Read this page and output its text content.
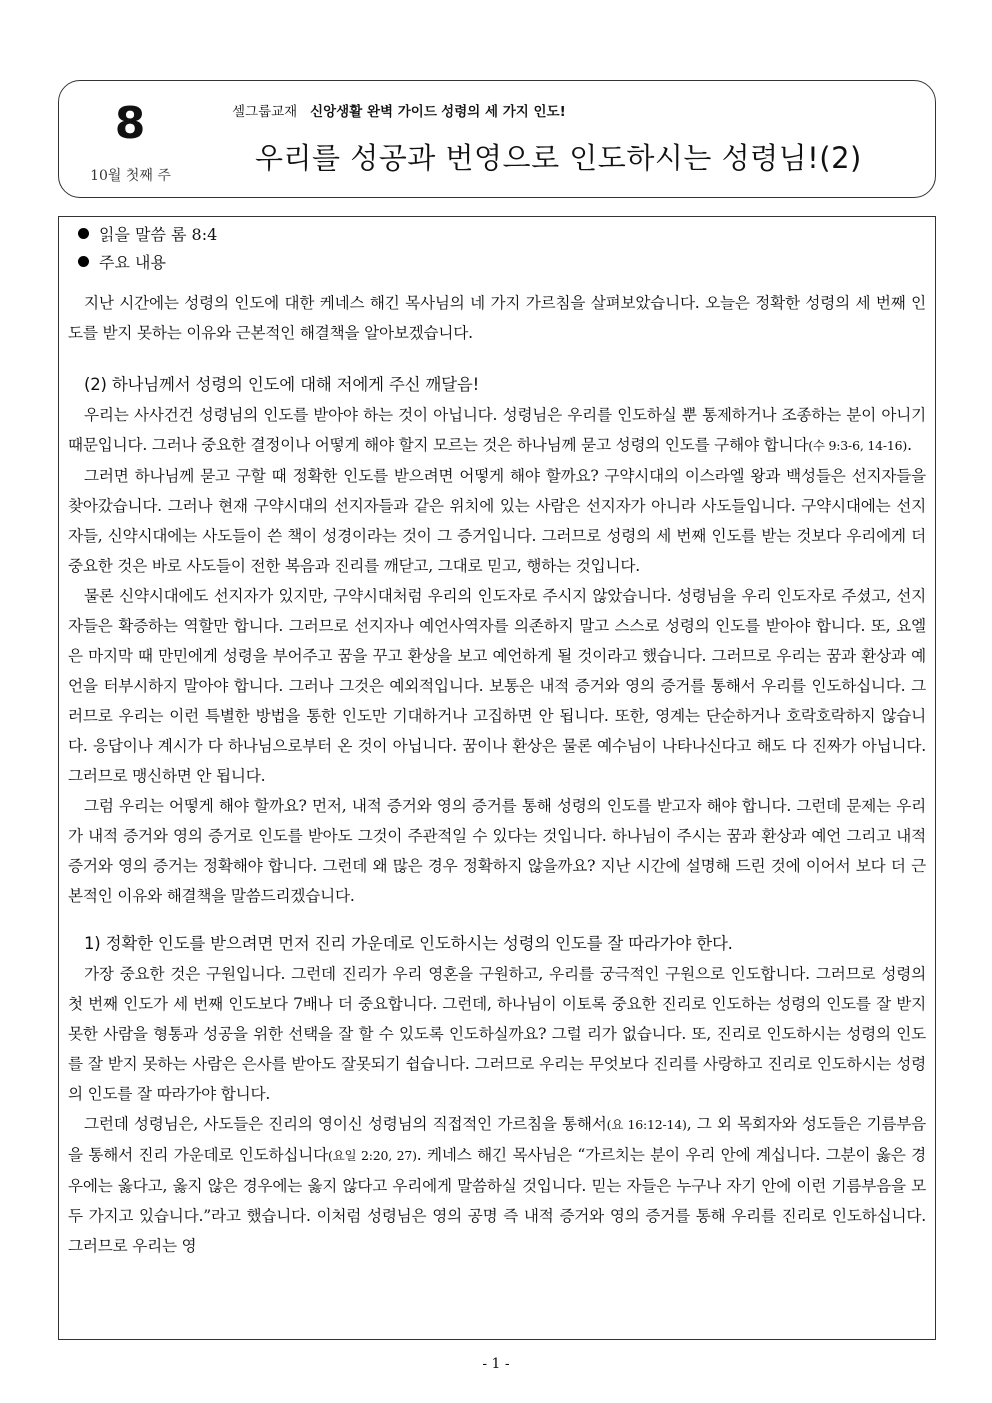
8
10월 첫째 주
셀그룹교재 신앙생활 완벽 가이드 성령의 세 가지 인도!
우리를 성공과 번영으로 인도하시는 성령님!(2)
읽을 말씀 롬 8:4
주요 내용

지난 시간에는 성령의 인도에 대한 케네스 해긴 목사님의 네 가지 가르침을 살펴보았습니다. 오늘은 정확한 성령의 세 번째 인도를 받지 못하는 이유와 근본적인 해결책을 알아보겠습니다.

(2) 하나님께서 성령의 인도에 대해 저에게 주신 깨달음!

우리는 사사건건 성령님의 인도를 받아야 하는 것이 아닙니다. 성령님은 우리를 인도하실 뿐 통제하거나 조종하는 분이 아니기 때문입니다. 그러나 중요한 결정이나 어떻게 해야 할지 모르는 것은 하나님께 묻고 성령의 인도를 구해야 합니다(수 9:3-6, 14-16).

그러면 하나님께 묻고 구할 때 정확한 인도를 받으려면 어떻게 해야 할까요? 구약시대의 이스라엘 왕과 백성들은 선지자들을 찾아갔습니다. 그러나 현재 구약시대의 선지자들과 같은 위치에 있는 사람은 선지자가 아니라 사도들입니다. 구약시대에는 선지자들, 신약시대에는 사도들이 쓴 책이 성경이라는 것이 그 증거입니다. 그러므로 성령의 세 번째 인도를 받는 것보다 우리에게 더 중요한 것은 바로 사도들이 전한 복음과 진리를 깨닫고, 그대로 믿고, 행하는 것입니다.

물론 신약시대에도 선지자가 있지만, 구약시대처럼 우리의 인도자로 주시지 않았습니다. 성령님을 우리 인도자로 주셨고, 선지자들은 확증하는 역할만 합니다. 그러므로 선지자나 예언사역자를 의존하지 말고 스스로 성령의 인도를 받아야 합니다. 또, 요엘은 마지막 때 만민에게 성령을 부어주고 꿈을 꾸고 환상을 보고 예언하게 될 것이라고 했습니다. 그러므로 우리는 꿈과 환상과 예언을 터부시하지 말아야 합니다. 그러나 그것은 예외적입니다. 보통은 내적 증거와 영의 증거를 통해서 우리를 인도하십니다. 그러므로 우리는 이런 특별한 방법을 통한 인도만 기대하거나 고집하면 안 됩니다. 또한, 영계는 단순하거나 호락호락하지 않습니다. 응답이나 계시가 다 하나님으로부터 온 것이 아닙니다. 꿈이나 환상은 물론 예수님이 나타나신다고 해도 다 진짜가 아닙니다. 그러므로 맹신하면 안 됩니다.

그럼 우리는 어떻게 해야 할까요? 먼저, 내적 증거와 영의 증거를 통해 성령의 인도를 받고자 해야 합니다. 그런데 문제는 우리가 내적 증거와 영의 증거로 인도를 받아도 그것이 주관적일 수 있다는 것입니다. 하나님이 주시는 꿈과 환상과 예언 그리고 내적 증거와 영의 증거는 정확해야 합니다. 그런데 왜 많은 경우 정확하지 않을까요? 지난 시간에 설명해 드린 것에 이어서 보다 더 근본적인 이유와 해결책을 말씀드리겠습니다.

1) 정확한 인도를 받으려면 먼저 진리 가운데로 인도하시는 성령의 인도를 잘 따라가야 한다.

가장 중요한 것은 구원입니다. 그런데 진리가 우리 영혼을 구원하고, 우리를 궁극적인 구원으로 인도합니다. 그러므로 성령의 첫 번째 인도가 세 번째 인도보다 7배나 더 중요합니다. 그런데, 하나님이 이토록 중요한 진리로 인도하는 성령의 인도를 잘 받지 못한 사람을 형통과 성공을 위한 선택을 잘 할 수 있도록 인도하실까요? 그럴 리가 없습니다. 또, 진리로 인도하시는 성령의 인도를 잘 받지 못하는 사람은 은사를 받아도 잘못되기 쉽습니다. 그러므로 우리는 무엇보다 진리를 사랑하고 진리로 인도하시는 성령의 인도를 잘 따라가야 합니다.

그런데 성령님은, 사도들은 진리의 영이신 성령님의 직접적인 가르침을 통해서(요 16:12-14), 그 외 목회자와 성도들은 기름부음을 통해서 진리 가운데로 인도하십니다(요일 2:20, 27). 케네스 해긴 목사님은 “가르치는 분이 우리 안에 계십니다. 그분이 옳은 경우에는 옳다고, 옳지 않은 경우에는 옳지 않다고 우리에게 말씀하실 것입니다. 믿는 자들은 누구나 자기 안에 이런 기름부음을 모두 가지고 있습니다.”라고 했습니다. 이처럼 성령님은 영의 공명 즉 내적 증거와 영의 증거를 통해 우리를 진리로 인도하십니다. 그러므로 우리는 영

- 1 -
